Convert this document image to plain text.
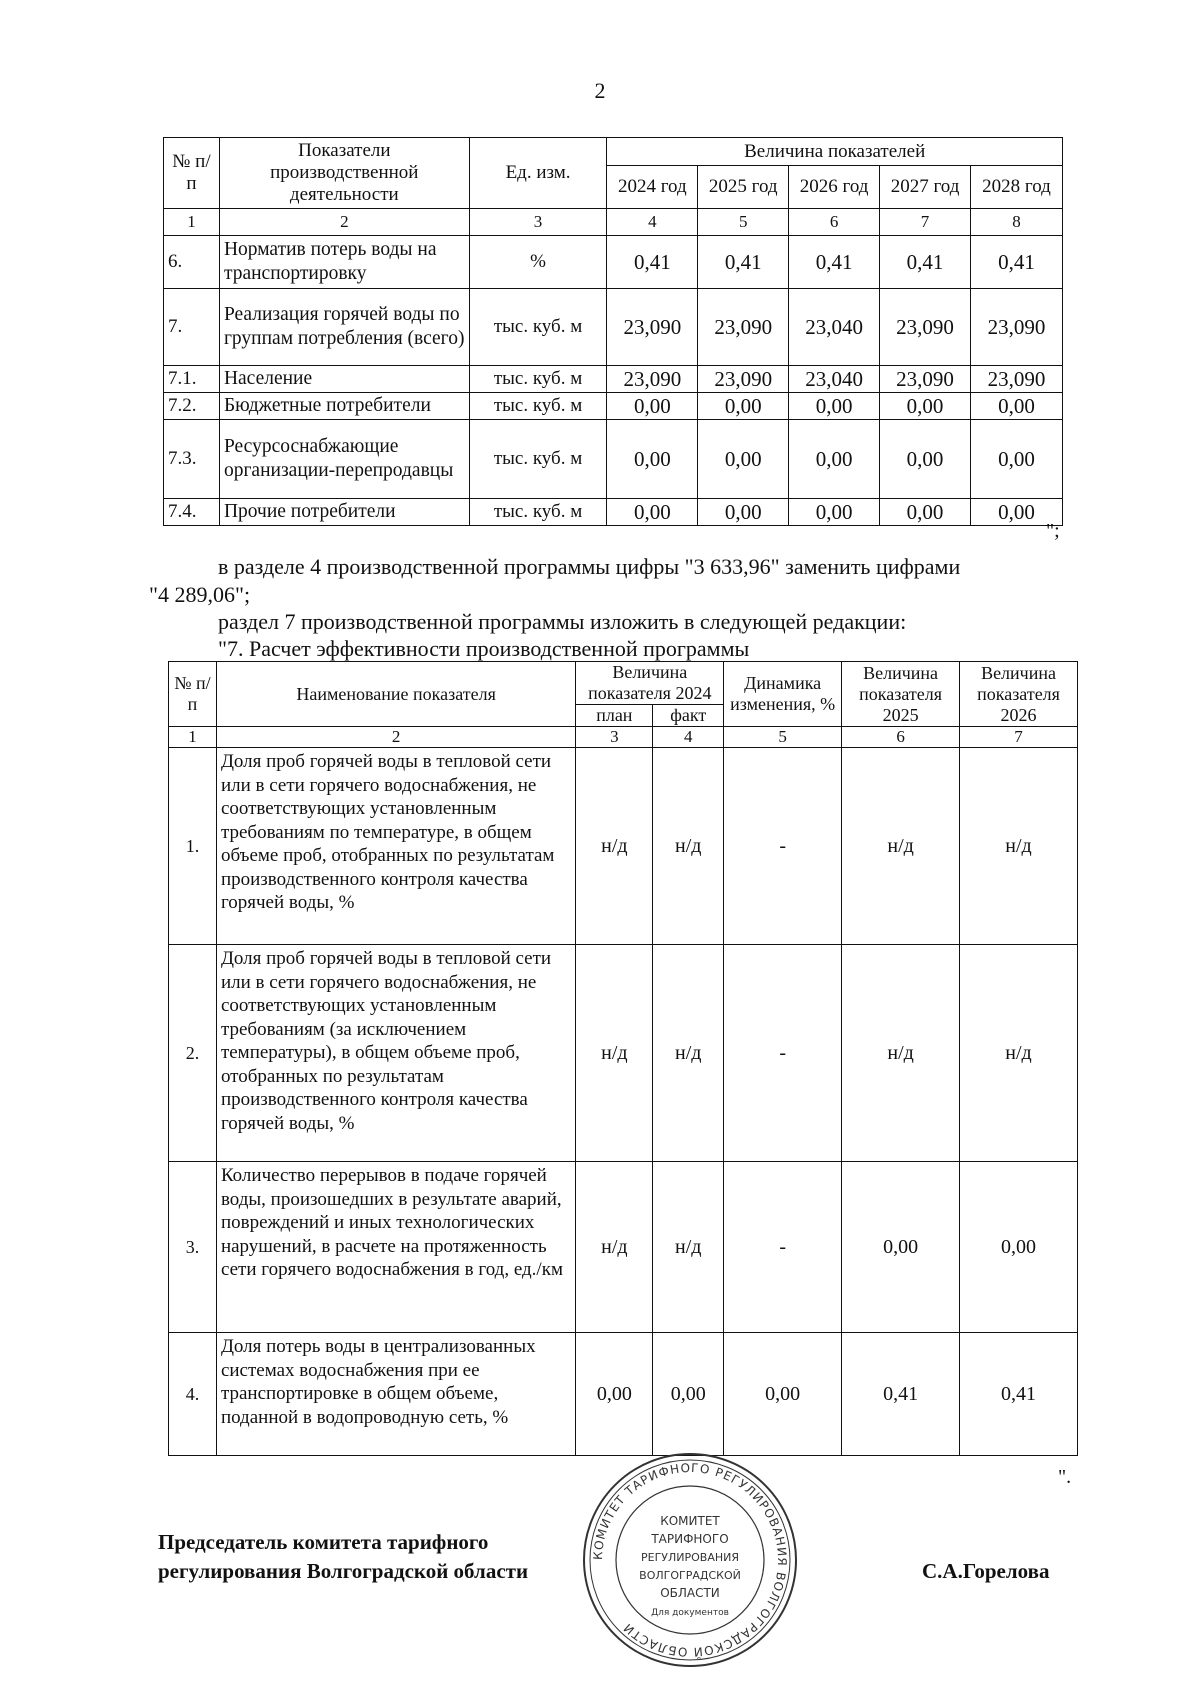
2
№ п/п	Показатели производственной деятельности	Ед. изм.	Величина показателей				
			2024 год	2025 год	2026 год	2027 год	2028 год
1	2	3	4	5	6	7	8
6.	Норматив потерь воды на транспортировку	%	0,41	0,41	0,41	0,41	0,41
7.	Реализация горячей воды по группам потребления (всего)	тыс. куб. м	23,090	23,090	23,040	23,090	23,090
7.1.	Население	тыс. куб. м	23,090	23,090	23,040	23,090	23,090
7.2.	Бюджетные потребители	тыс. куб. м	0,00	0,00	0,00	0,00	0,00
7.3.	Ресурсоснабжающие организации-перепродавцы	тыс. куб. м	0,00	0,00	0,00	0,00	0,00
7.4.	Прочие потребители	тыс. куб. м	0,00	0,00	0,00	0,00	0,00
";
в разделе 4 производственной программы цифры "3 633,96" заменить цифрами
"4 289,06";
раздел 7 производственной программы изложить в следующей редакции:
"7. Расчет эффективности производственной программы
№ п/п	Наименование показателя	Величина показателя 2024		Динамика изменения, %	Величина показателя 2025	Величина показателя 2026
		план	факт			
1	2	3	4	5	6	7
1.	Доля проб горячей воды в тепловой сети или в сети горячего водоснабжения, не соответствующих установленным требованиям по температуре, в общем объеме проб, отобранных по результатам производственного контроля качества горячей воды, %	н/д	н/д	-	н/д	н/д
2.	Доля проб горячей воды в тепловой сети или в сети горячего водоснабжения, не соответствующих установленным требованиям (за исключением температуры), в общем объеме проб, отобранных по результатам производственного контроля качества горячей воды, %	н/д	н/д	-	н/д	н/д
3.	Количество перерывов в подаче горячей воды, произошедших в результате аварий, повреждений и иных технологических нарушений, в расчете на протяженность сети горячего водоснабжения в год, ед./км	н/д	н/д	-	0,00	0,00
4.	Доля потерь воды в централизованных системах водоснабжения при ее транспортировке в общем объеме, поданной в водопроводную сеть, %	0,00	0,00	0,00	0,41	0,41
".
КОМИТЕТ ТАРИФНОГО РЕГУЛИРОВАНИЯ ВОЛГОГРАДСКОЙ ОБЛАСТИ
КОМИТЕТ
ТАРИФНОГО
РЕГУЛИРОВАНИЯ
ВОЛГОГРАДСКОЙ
ОБЛАСТИ
Для документов
Председатель комитета тарифного
регулирования Волгоградской области	С.А.Горелова
